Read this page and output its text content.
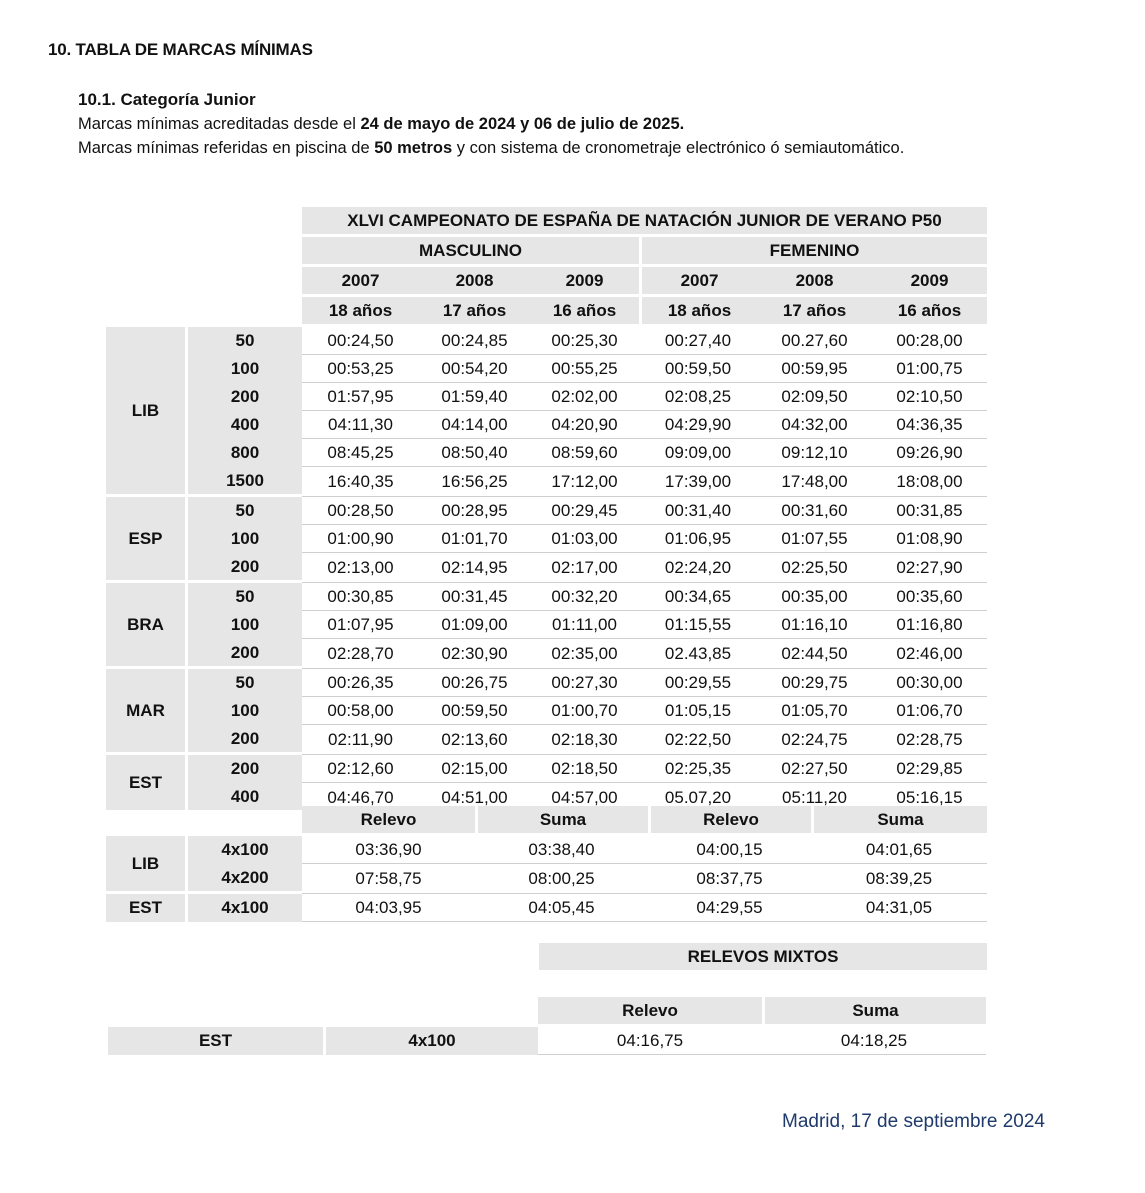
10. TABLA DE MARCAS MÍNIMAS
10.1. Categoría Junior
Marcas mínimas acreditadas desde el 24 de mayo de 2024 y 06 de julio de 2025.
Marcas mínimas referidas en piscina de 50 metros y con sistema de cronometraje electrónico ó semiautomático.
		XLVI CAMPEONATO DE ESPAÑA DE NATACIÓN JUNIOR DE VERANO P50					
		MASCULINO			FEMENINO		
		2007	2008	2009	2007	2008	2009
		18 años	17 años	16 años	18 años	17 años	16 años
LIB	50	00:24,50	00:24,85	00:25,30	00:27,40	00.27,60	00:28,00
	100	00:53,25	00:54,20	00:55,25	00:59,50	00:59,95	01:00,75
	200	01:57,95	01:59,40	02:02,00	02:08,25	02:09,50	02:10,50
	400	04:11,30	04:14,00	04:20,90	04:29,90	04:32,00	04:36,35
	800	08:45,25	08:50,40	08:59,60	09:09,00	09:12,10	09:26,90
	1500	16:40,35	16:56,25	17:12,00	17:39,00	17:48,00	18:08,00
ESP	50	00:28,50	00:28,95	00:29,45	00:31,40	00:31,60	00:31,85
	100	01:00,90	01:01,70	01:03,00	01:06,95	01:07,55	01:08,90
	200	02:13,00	02:14,95	02:17,00	02:24,20	02:25,50	02:27,90
BRA	50	00:30,85	00:31,45	00:32,20	00:34,65	00:35,00	00:35,60
	100	01:07,95	01:09,00	01:11,00	01:15,55	01:16,10	01:16,80
	200	02:28,70	02:30,90	02:35,00	02.43,85	02:44,50	02:46,00
MAR	50	00:26,35	00:26,75	00:27,30	00:29,55	00:29,75	00:30,00
	100	00:58,00	00:59,50	01:00,70	01:05,15	01:05,70	01:06,70
	200	02:11,90	02:13,60	02:18,30	02:22,50	02:24,75	02:28,75
EST	200	02:12,60	02:15,00	02:18,50	02:25,35	02:27,50	02:29,85
	400	04:46,70	04:51,00	04:57,00	05.07,20	05:11,20	05:16,15
		Relevo	Suma	Relevo	Suma
LIB	4x100	03:36,90	03:38,40	04:00,15	04:01,65
	4x200	07:58,75	08:00,25	08:37,75	08:39,25
EST	4x100	04:03,95	04:05,45	04:29,55	04:31,05
RELEVOS MIXTOS
		Relevo	Suma
EST	4x100	04:16,75	04:18,25
Madrid, 17 de septiembre 2024
